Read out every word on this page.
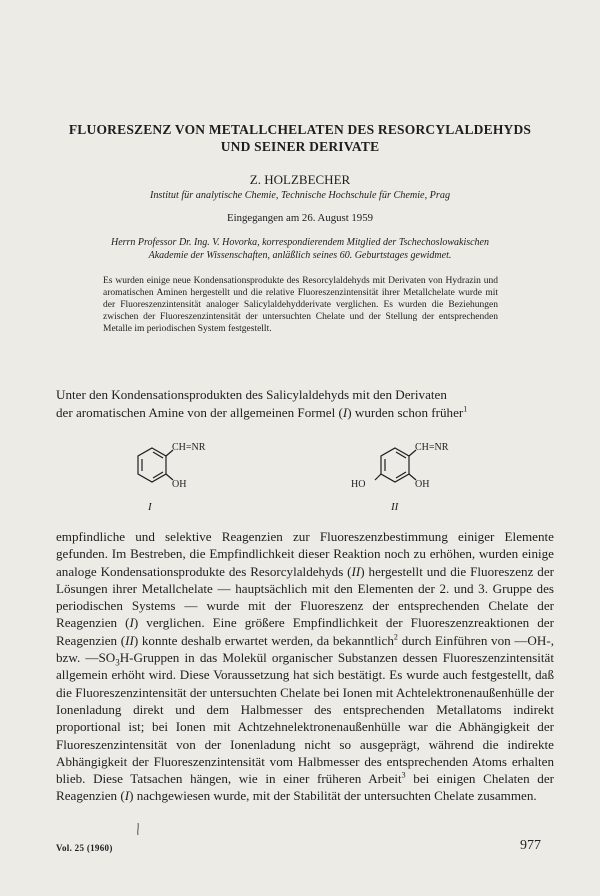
FLUORESZENZ VON METALLCHELATEN DES RESORCYLALDEHYDS
UND SEINER DERIVATE
Z. HOLZBECHER
Institut für analytische Chemie, Technische Hochschule für Chemie, Prag
Eingegangen am 26. August 1959
Herrn Professor Dr. Ing. V. Hovorka, korrespondierendem Mitglied der Tschechoslowakischen
Akademie der Wissenschaften, anläßlich seines 60. Geburtstages gewidmet.

Es wurden einige neue Kondensationsprodukte des Resorcylaldehyds mit Derivaten von Hydrazin und aromatischen Aminen hergestellt und die relative Fluoreszenzintensität ihrer Metallchelate wurde mit der Fluoreszenzintensität analoger Salicylaldehydderivate verglichen. Es wurden die Beziehungen zwischen der Fluoreszenzintensität der untersuchten Chelate und der Stellung der entsprechenden Metalle im periodischen System festgestellt.

Unter den Kondensationsprodukten des Salicylaldehyds mit den Derivaten
der aromatischen Amine von der allgemeinen Formel (I) wurden schon früher$^1$
CH=NR
OH
I
CH=NR
OH
HO
II

empfindliche und selektive Reagenzien zur Fluoreszenzbestimmung einiger Elemente gefunden. Im Bestreben, die Empfindlichkeit dieser Reaktion noch zu erhöhen, wurden einige analoge Kondensationsprodukte des Resorcylaldehyds (II) hergestellt und die Fluoreszenz der Lösungen ihrer Metallchelate — hauptsächlich mit den Elementen der 2. und 3. Gruppe des periodischen Systems — wurde mit der Fluoreszenz der entsprechenden Chelate der Reagenzien (I) verglichen. Eine größere Empfindlichkeit der Fluoreszenzreaktionen der Reagenzien (II) konnte deshalb erwartet werden, da bekanntlich$^2$ durch Einführen von —OH-, bzw. $—SO_3H$-Gruppen in das Molekül organischer Substanzen dessen Fluoreszenzintensität allgemein erhöht wird. Diese Voraussetzung hat sich bestätigt. Es wurde auch festgestellt, daß die Fluoreszenzintensität der untersuchten Chelate bei Ionen mit Achtelektronenaußenhülle der Ionenladung direkt und dem Halbmesser des entsprechenden Metallatoms indirekt proportional ist; bei Ionen mit Achtzehnelektronenaußenhülle war die Abhängigkeit der Fluoreszenzintensität von der Ionenladung nicht so ausgeprägt, während die indirekte Abhängigkeit der Fluoreszenzintensität vom Halbmesser des entsprechenden Atoms erhalten blieb. Diese Tatsachen hängen, wie in einer früheren Arbeit$^3$ bei einigen Chelaten der Reagenzien (I) nachgewiesen wurde, mit der Stabilität der untersuchten Chelate zusammen.

Vol. 25 (1960)	977
